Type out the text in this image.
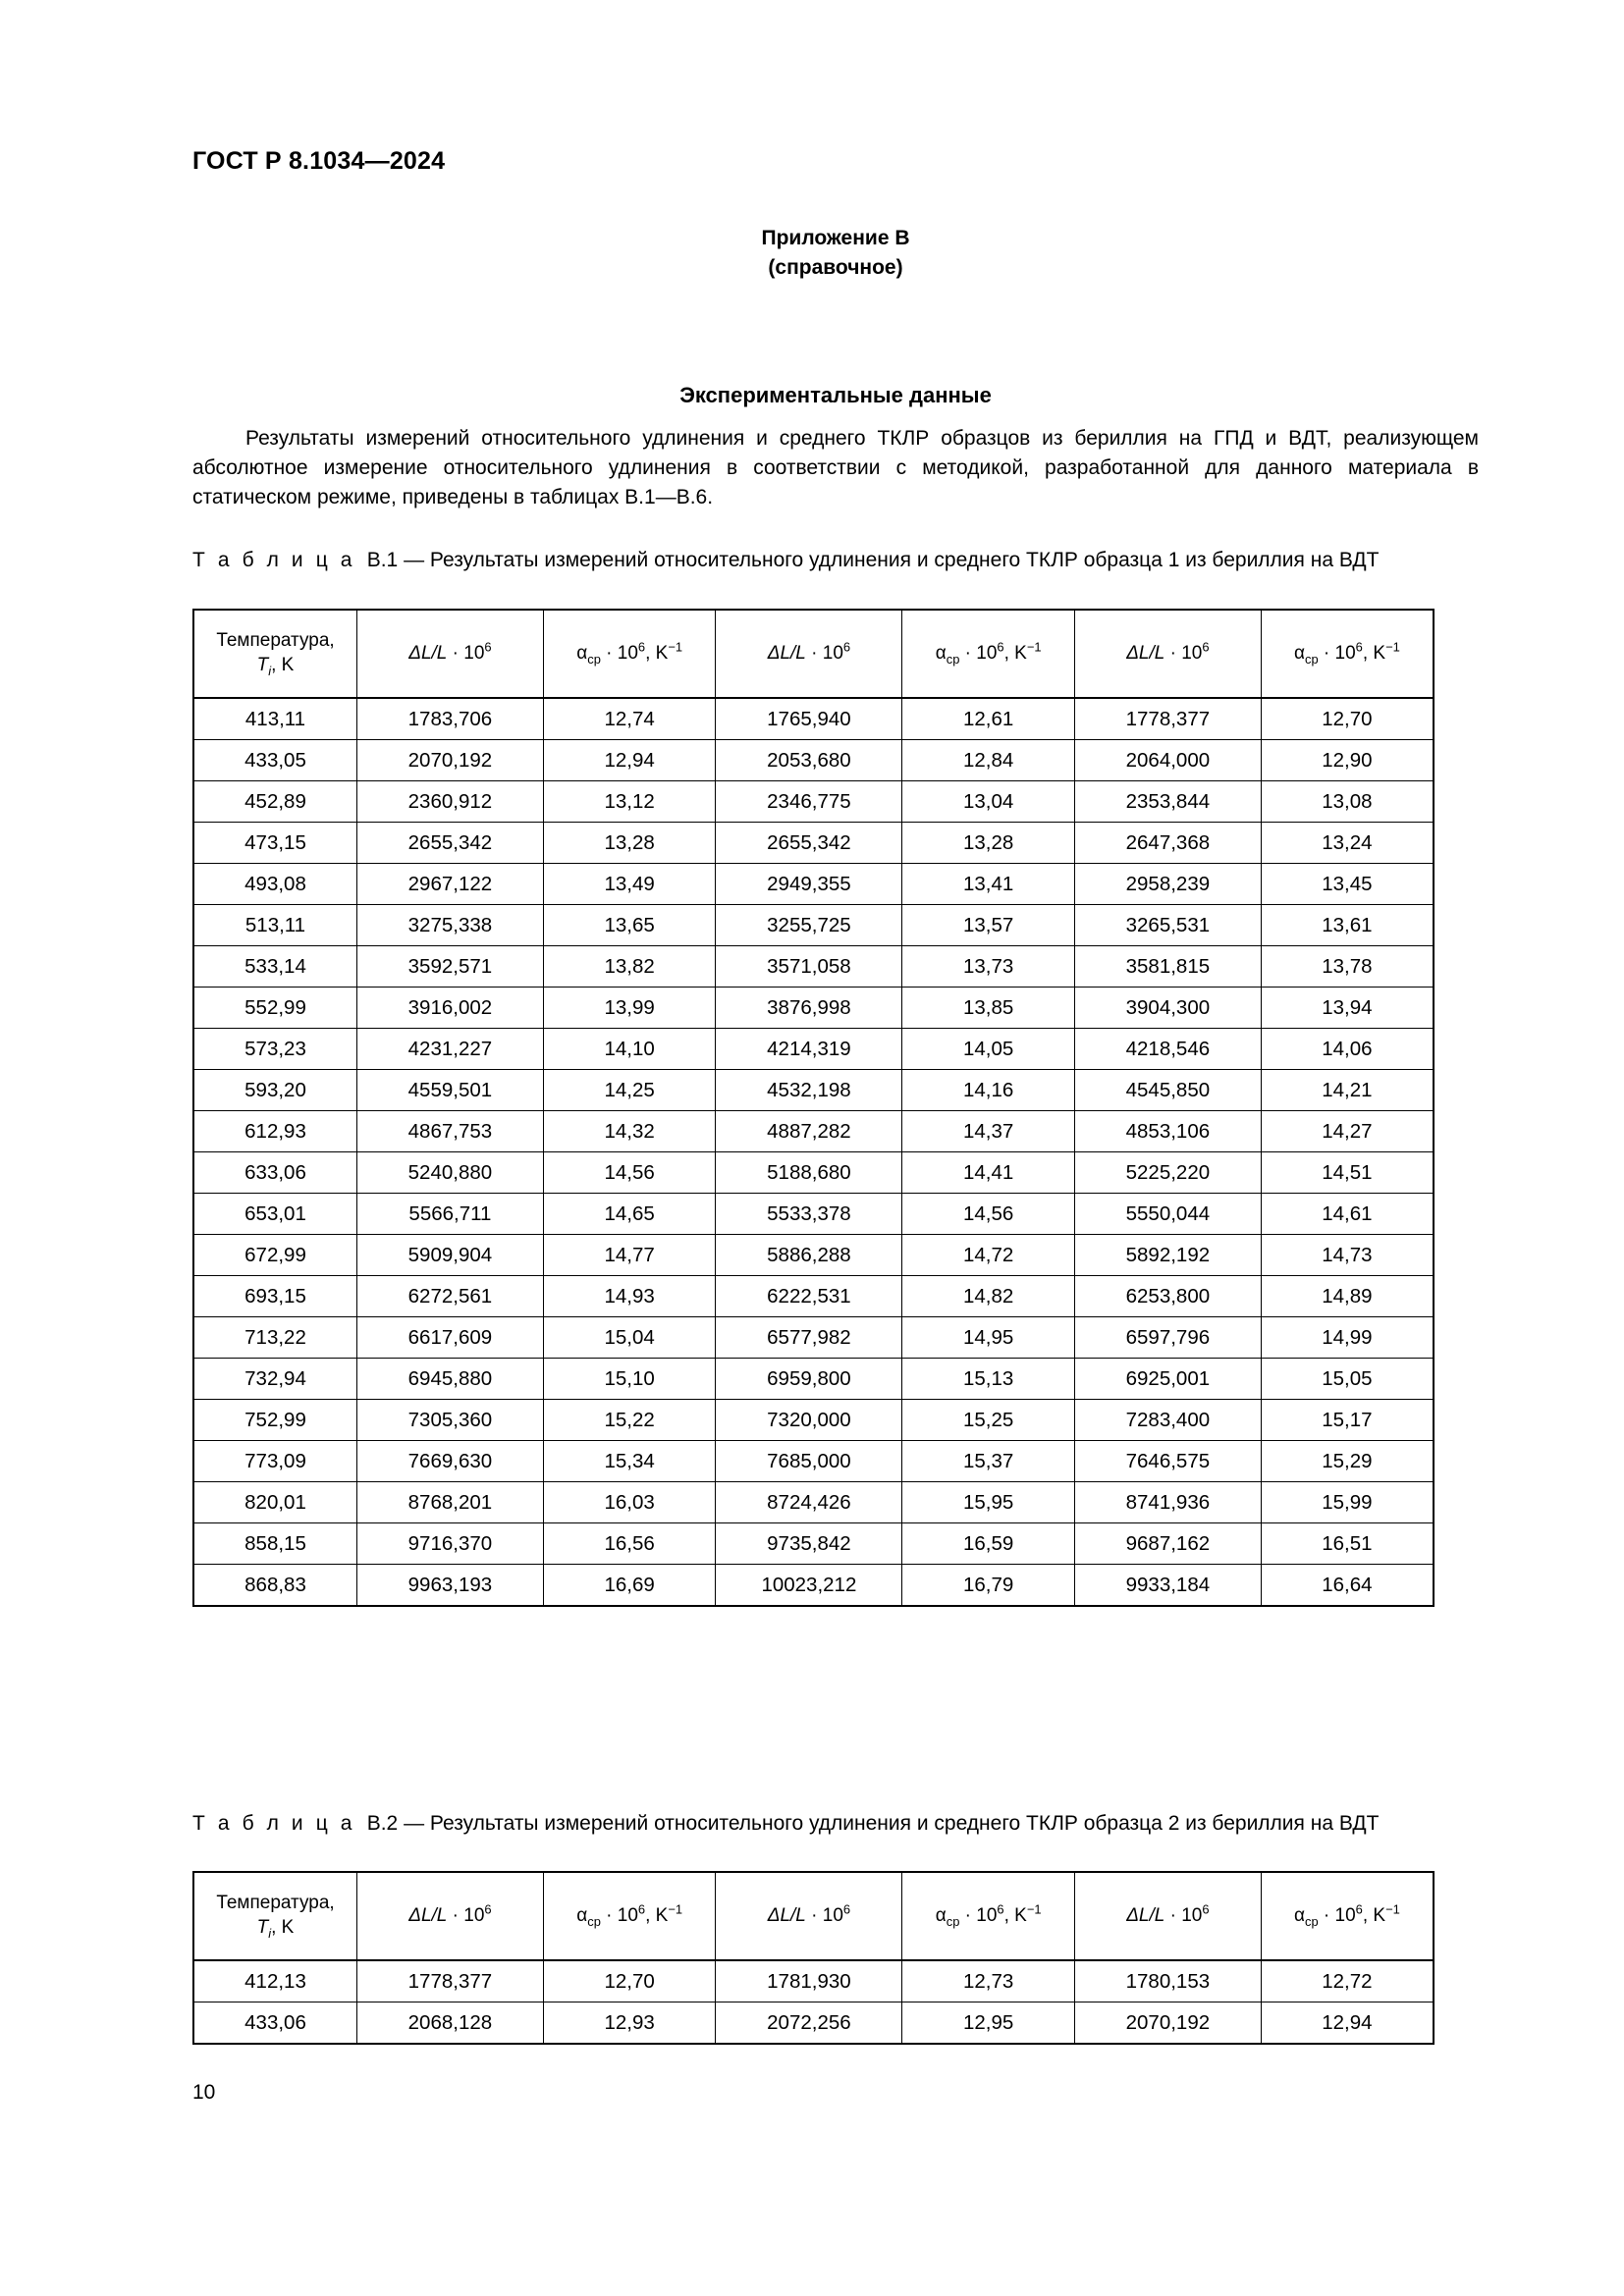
ГОСТ Р 8.1034—2024
Приложение В
(справочное)
Экспериментальные данные
Результаты измерений относительного удлинения и среднего ТКЛР образцов из бериллия на ГПД и ВДТ, реализующем абсолютное измерение относительного удлинения в соответствии с методикой, разработанной для данного материала в статическом режиме, приведены в таблицах В.1—В.6.
Т а б л и ц а В.1 — Результаты измерений относительного удлинения и среднего ТКЛР образца 1 из бериллия на ВДТ
Температура,
$T_i$, K	$\Delta L/L \cdot 10^6$	$\alpha_{ср} \cdot 10^6$, $K^{-1}$	$\Delta L/L \cdot 10^6$	$\alpha_{ср} \cdot 10^6$, $K^{-1}$	$\Delta L/L \cdot 10^6$	$\alpha_{ср} \cdot 10^6$, $K^{-1}$
413,11	1783,706	12,74	1765,940	12,61	1778,377	12,70
433,05	2070,192	12,94	2053,680	12,84	2064,000	12,90
452,89	2360,912	13,12	2346,775	13,04	2353,844	13,08
473,15	2655,342	13,28	2655,342	13,28	2647,368	13,24
493,08	2967,122	13,49	2949,355	13,41	2958,239	13,45
513,11	3275,338	13,65	3255,725	13,57	3265,531	13,61
533,14	3592,571	13,82	3571,058	13,73	3581,815	13,78
552,99	3916,002	13,99	3876,998	13,85	3904,300	13,94
573,23	4231,227	14,10	4214,319	14,05	4218,546	14,06
593,20	4559,501	14,25	4532,198	14,16	4545,850	14,21
612,93	4867,753	14,32	4887,282	14,37	4853,106	14,27
633,06	5240,880	14,56	5188,680	14,41	5225,220	14,51
653,01	5566,711	14,65	5533,378	14,56	5550,044	14,61
672,99	5909,904	14,77	5886,288	14,72	5892,192	14,73
693,15	6272,561	14,93	6222,531	14,82	6253,800	14,89
713,22	6617,609	15,04	6577,982	14,95	6597,796	14,99
732,94	6945,880	15,10	6959,800	15,13	6925,001	15,05
752,99	7305,360	15,22	7320,000	15,25	7283,400	15,17
773,09	7669,630	15,34	7685,000	15,37	7646,575	15,29
820,01	8768,201	16,03	8724,426	15,95	8741,936	15,99
858,15	9716,370	16,56	9735,842	16,59	9687,162	16,51
868,83	9963,193	16,69	10023,212	16,79	9933,184	16,64
Т а б л и ц а В.2 — Результаты измерений относительного удлинения и среднего ТКЛР образца 2 из бериллия на ВДТ
Температура,
$T_i$, K	$\Delta L/L \cdot 10^6$	$\alpha_{ср} \cdot 10^6$, $K^{-1}$	$\Delta L/L \cdot 10^6$	$\alpha_{ср} \cdot 10^6$, $K^{-1}$	$\Delta L/L \cdot 10^6$	$\alpha_{ср} \cdot 10^6$, $K^{-1}$
412,13	1778,377	12,70	1781,930	12,73	1780,153	12,72
433,06	2068,128	12,93	2072,256	12,95	2070,192	12,94
10
